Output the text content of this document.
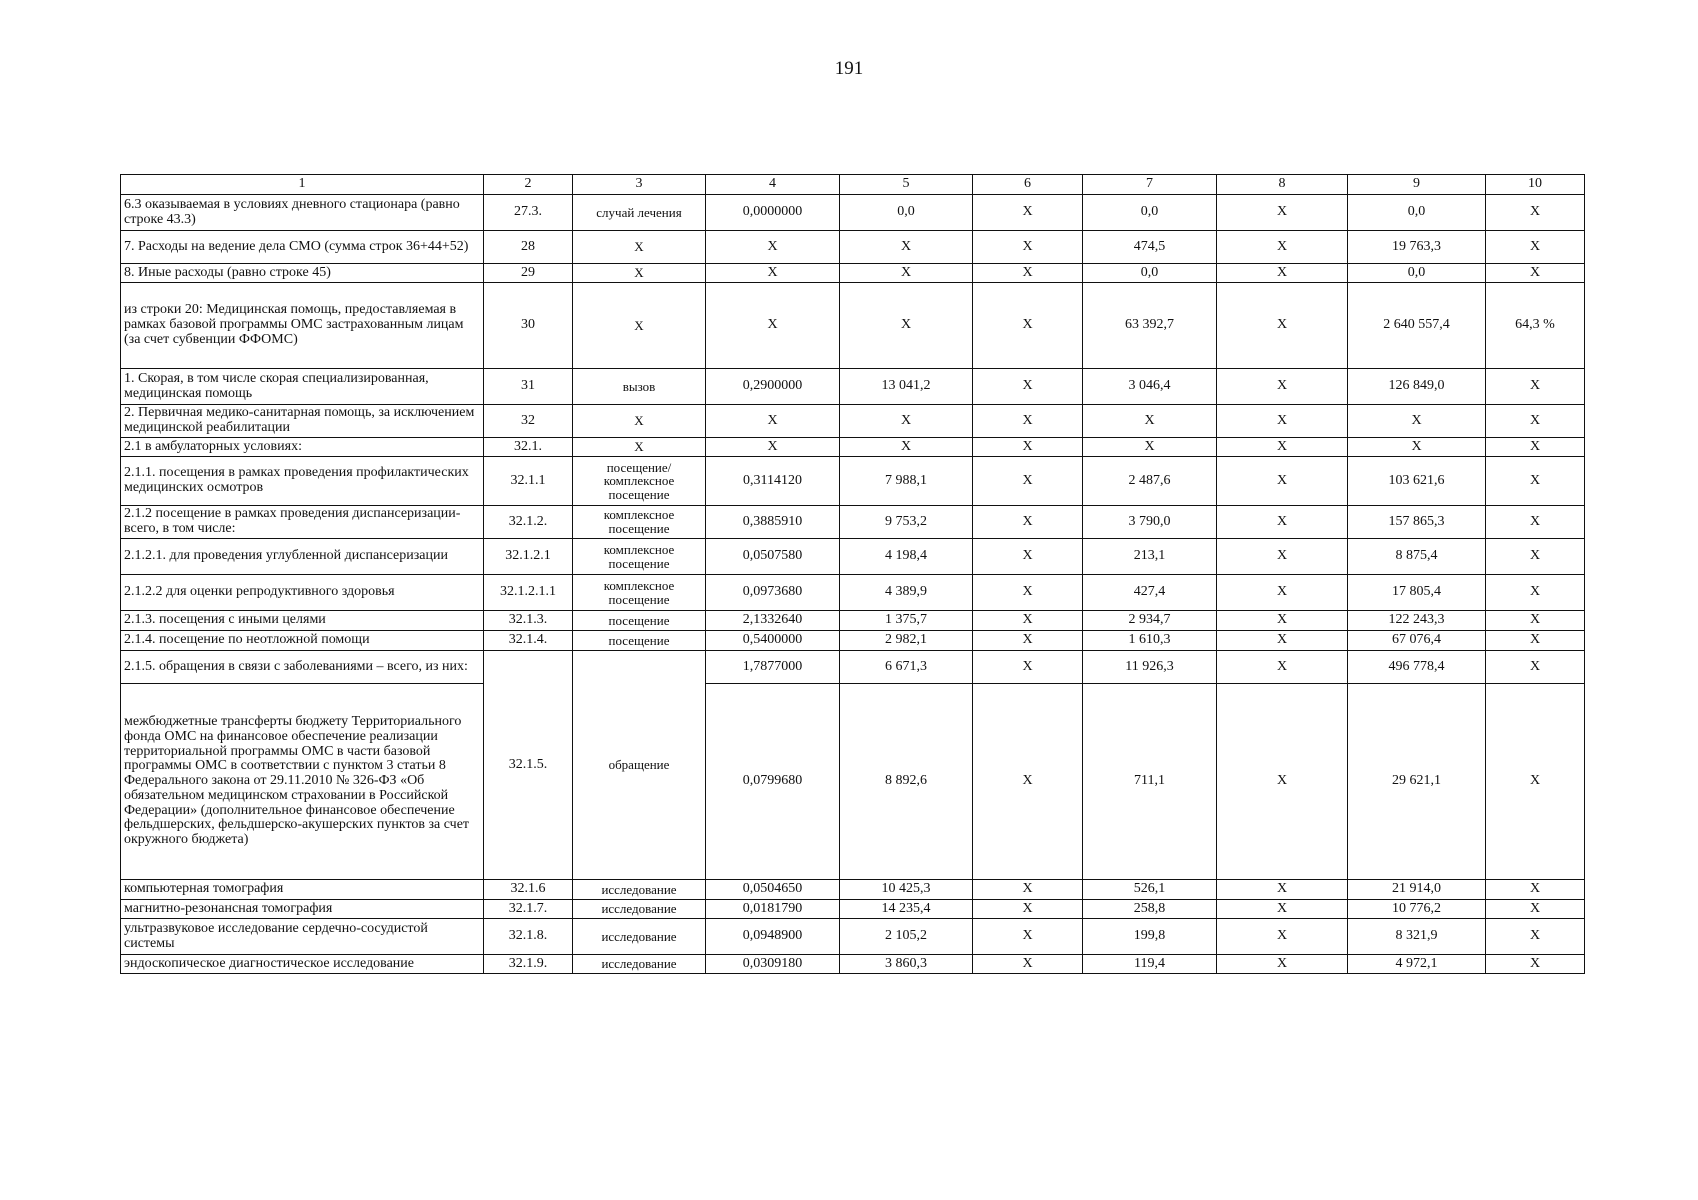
191
1	2	3	4	5	6	7	8	9	10
6.3 оказываемая в условиях дневного стационара (равно строке 43.3)	27.3.	случай лечения	0,0000000	0,0	Х	0,0	Х	0,0	Х
7. Расходы на ведение дела СМО (сумма строк 36+44+52)	28	Х	Х	Х	Х	474,5	Х	19 763,3	Х
8. Иные расходы (равно строке 45)	29	Х	Х	Х	Х	0,0	Х	0,0	Х
из строки 20: Медицинская помощь, предоставляемая в рамках базовой программы ОМС застрахованным лицам (за счет субвенции ФФОМС)	30	Х	Х	Х	Х	63 392,7	Х	2 640 557,4	64,3 %
1. Скорая, в том числе скорая специализированная, медицинская помощь	31	вызов	0,2900000	13 041,2	Х	3 046,4	Х	126 849,0	Х
2. Первичная медико-санитарная помощь, за исключением медицинской реабилитации	32	Х	Х	Х	Х	Х	Х	Х	Х
2.1 в амбулаторных условиях:	32.1.	Х	Х	Х	Х	Х	Х	Х	Х
2.1.1. посещения в рамках проведения профилактических медицинских осмотров	32.1.1	посещение/ комплексное посещение	0,3114120	7 988,1	Х	2 487,6	Х	103 621,6	Х
2.1.2 посещение в рамках проведения диспансеризации-всего, в том числе:	32.1.2.	комплексное посещение	0,3885910	9 753,2	Х	3 790,0	Х	157 865,3	Х
2.1.2.1. для проведения углубленной диспансеризации	32.1.2.1	комплексное посещение	0,0507580	4 198,4	Х	213,1	Х	8 875,4	Х
2.1.2.2 для оценки репродуктивного здоровья	32.1.2.1.1	комплексное посещение	0,0973680	4 389,9	Х	427,4	Х	17 805,4	Х
2.1.3. посещения с иными целями	32.1.3.	посещение	2,1332640	1 375,7	Х	2 934,7	Х	122 243,3	Х
2.1.4. посещение по неотложной помощи	32.1.4.	посещение	0,5400000	2 982,1	Х	1 610,3	Х	67 076,4	Х
2.1.5. обращения в связи с заболеваниями – всего, из них:	32.1.5.	обращение	1,7877000	6 671,3	Х	11 926,3	Х	496 778,4	Х
межбюджетные трансферты бюджету Территориального фонда ОМС на финансовое обеспечение реализации территориальной программы ОМС в части базовой программы ОМС в соответствии с пунктом 3 статьи 8 Федерального закона от 29.11.2010 № 326-ФЗ «Об обязательном медицинском страховании в Российской Федерации» (дополнительное финансовое обеспечение фельдшерских, фельдшерско-акушерских пунктов за счет окружного бюджета)			0,0799680	8 892,6	Х	711,1	Х	29 621,1	Х
компьютерная томография	32.1.6	исследование	0,0504650	10 425,3	Х	526,1	Х	21 914,0	Х
магнитно-резонансная томография	32.1.7.	исследование	0,0181790	14 235,4	Х	258,8	Х	10 776,2	Х
ультразвуковое исследование сердечно-сосудистой системы	32.1.8.	исследование	0,0948900	2 105,2	Х	199,8	Х	8 321,9	Х
эндоскопическое диагностическое исследование	32.1.9.	исследование	0,0309180	3 860,3	Х	119,4	Х	4 972,1	Х
